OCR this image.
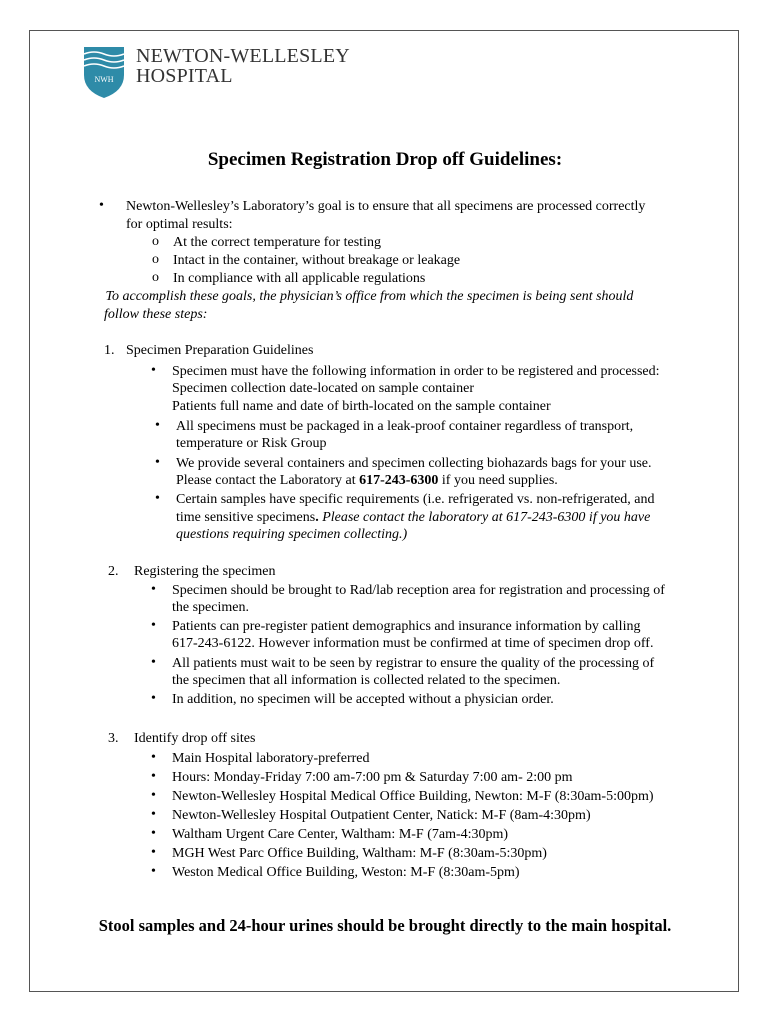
NWH
NEWTON-WELLESLEY
HOSPITAL
Specimen Registration Drop off Guidelines:
• Newton-Wellesley’s Laboratory’s goal is to ensure that all specimens are processed correctly
for optimal results:
o At the correct temperature for testing
o Intact in the container, without breakage or leakage
o In compliance with all applicable regulations
To accomplish these goals, the physician’s office from which the specimen is being sent should
follow these steps:
1. Specimen Preparation Guidelines
• Specimen must have the following information in order to be registered and processed:
Specimen collection date-located on sample container
Patients full name and date of birth-located on the sample container
• All specimens must be packaged in a leak-proof container regardless of transport,
temperature or Risk Group
• We provide several containers and specimen collecting biohazards bags for your use.
Please contact the Laboratory at 617-243-6300 if you need supplies.
• Certain samples have specific requirements (i.e. refrigerated vs. non-refrigerated, and
time sensitive specimens. Please contact the laboratory at 617-243-6300 if you have
questions requiring specimen collecting.)
2. Registering the specimen
• Specimen should be brought to Rad/lab reception area for registration and processing of
the specimen.
• Patients can pre-register patient demographics and insurance information by calling
617-243-6122. However information must be confirmed at time of specimen drop off.
• All patients must wait to be seen by registrar to ensure the quality of the processing of
the specimen that all information is collected related to the specimen.
• In addition, no specimen will be accepted without a physician order.
3. Identify drop off sites
• Main Hospital laboratory-preferred
• Hours: Monday-Friday 7:00 am-7:00 pm & Saturday 7:00 am- 2:00 pm
• Newton-Wellesley Hospital Medical Office Building, Newton: M-F (8:30am-5:00pm)
• Newton-Wellesley Hospital Outpatient Center, Natick: M-F (8am-4:30pm)
• Waltham Urgent Care Center, Waltham: M-F (7am-4:30pm)
• MGH West Parc Office Building, Waltham: M-F (8:30am-5:30pm)
• Weston Medical Office Building, Weston: M-F (8:30am-5pm)
Stool samples and 24-hour urines should be brought directly to the main hospital.
